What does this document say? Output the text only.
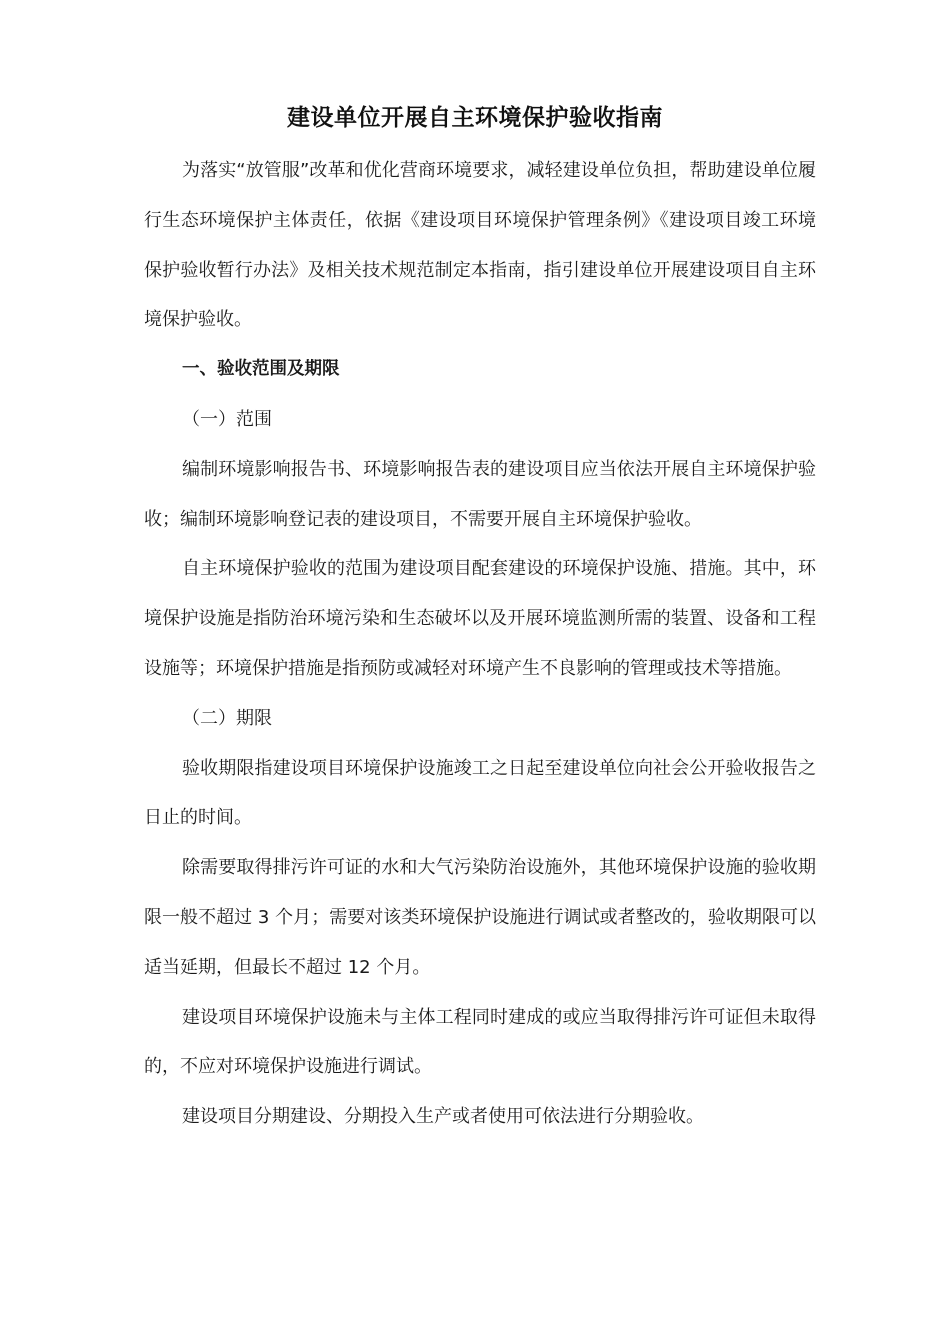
建设单位开展自主环境保护验收指南

为落实“放管服”改革和优化营商环境要求，减轻建设单位负担，帮助建设单位履行生态环境保护主体责任，依据《建设项目环境保护管理条例》《建设项目竣工环境保护验收暂行办法》及相关技术规范制定本指南，指引建设单位开展建设项目自主环境保护验收。

一、验收范围及期限

（一）范围

编制环境影响报告书、环境影响报告表的建设项目应当依法开展自主环境保护验收；编制环境影响登记表的建设项目，不需要开展自主环境保护验收。

自主环境保护验收的范围为建设项目配套建设的环境保护设施、措施。其中，环境保护设施是指防治环境污染和生态破坏以及开展环境监测所需的装置、设备和工程设施等；环境保护措施是指预防或减轻对环境产生不良影响的管理或技术等措施。

（二）期限

验收期限指建设项目环境保护设施竣工之日起至建设单位向社会公开验收报告之日止的时间。

除需要取得排污许可证的水和大气污染防治设施外，其他环境保护设施的验收期限一般不超过 3 个月；需要对该类环境保护设施进行调试或者整改的，验收期限可以适当延期，但最长不超过 12 个月。

建设项目环境保护设施未与主体工程同时建成的或应当取得排污许可证但未取得的，不应对环境保护设施进行调试。

建设项目分期建设、分期投入生产或者使用可依法进行分期验收。
